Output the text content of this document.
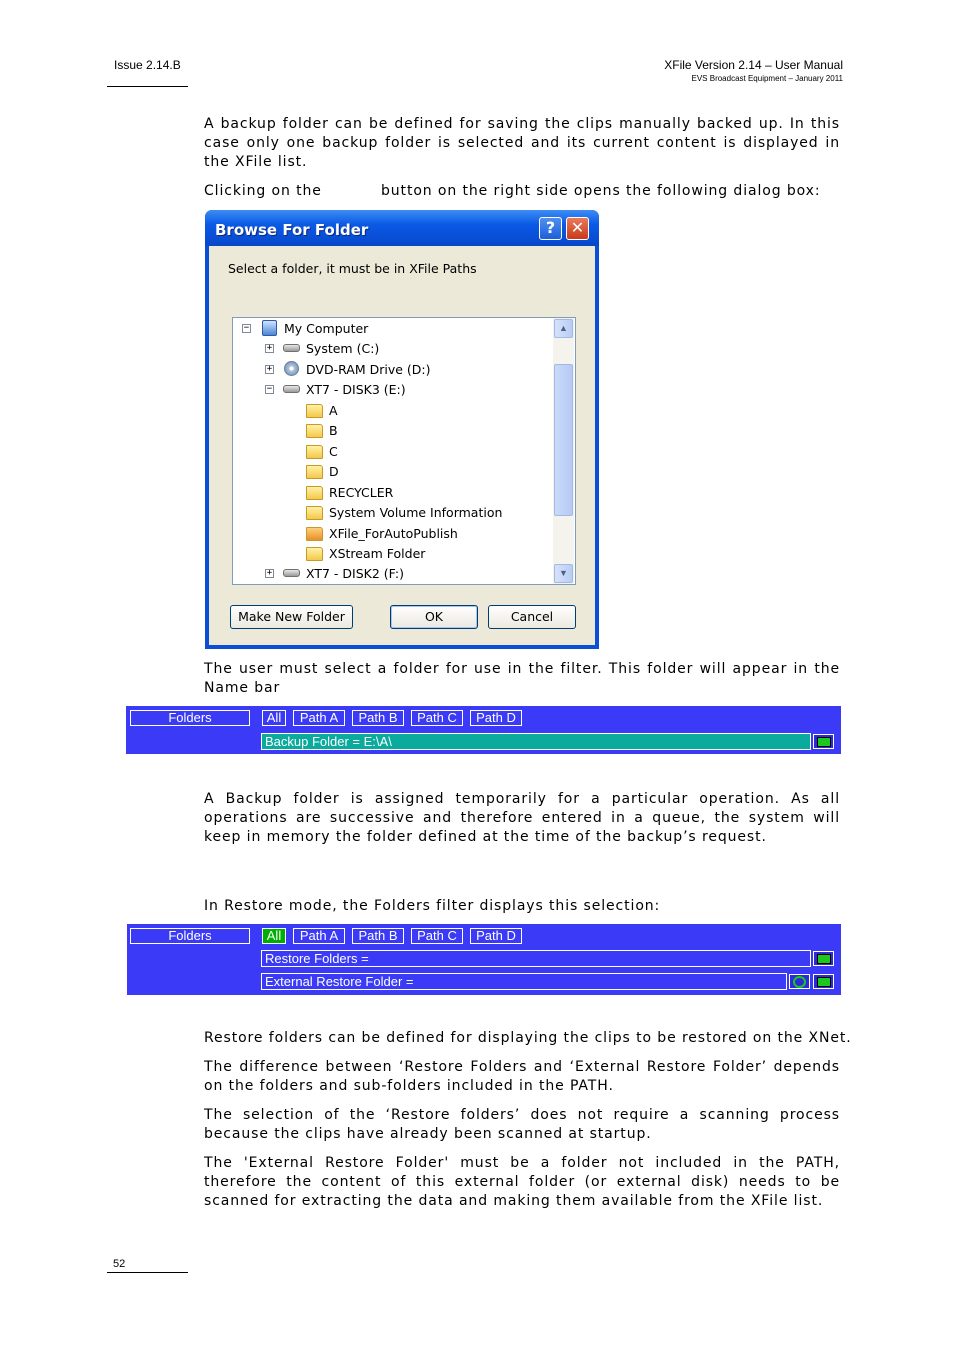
Issue 2.14.B	XFile Version 2.14 – User Manual
EVS Broadcast Equipment – January 2011
A backup folder can be defined for saving the clips manually backed up. In this case only one backup folder is selected and its current content is displayed in the XFile list.
Clicking on the	button on the right side opens the following dialog box:
Browse For Folder	? ✕
Select a folder, it must be in XFile Paths
−	My Computer
+	System (C:)
+	DVD-RAM Drive (D:)
−	XT7 - DISK3 (E:)
A
B
C
D
RECYCLER
System Volume Information
XFile_ForAutoPublish
XStream Folder
+	XT7 - DISK2 (F:)
▲
▼
Make New Folder	OK	Cancel
The user must select a folder for use in the filter. This folder will appear in the Name bar
Folders	All	Path A	Path B	Path C	Path D
Backup Folder = E:\A\
A Backup folder is assigned temporarily for a particular operation. As all operations are successive and therefore entered in a queue, the system will keep in memory the folder defined at the time of the backup’s request.
In Restore mode, the Folders filter displays this selection:
Folders	All	Path A	Path B	Path C	Path D
Restore Folders =
External Restore Folder =
Restore folders can be defined for displaying the clips to be restored on the XNet.
The difference between ‘Restore Folders and ‘External Restore Folder’ depends on the folders and sub-folders included in the PATH.
The selection of the ‘Restore folders’ does not require a scanning process because the clips have already been scanned at startup.
The 'External Restore Folder' must be a folder not included in the PATH, therefore the content of this external folder (or external disk) needs to be scanned for extracting the data and making them available from the XFile list.
52
